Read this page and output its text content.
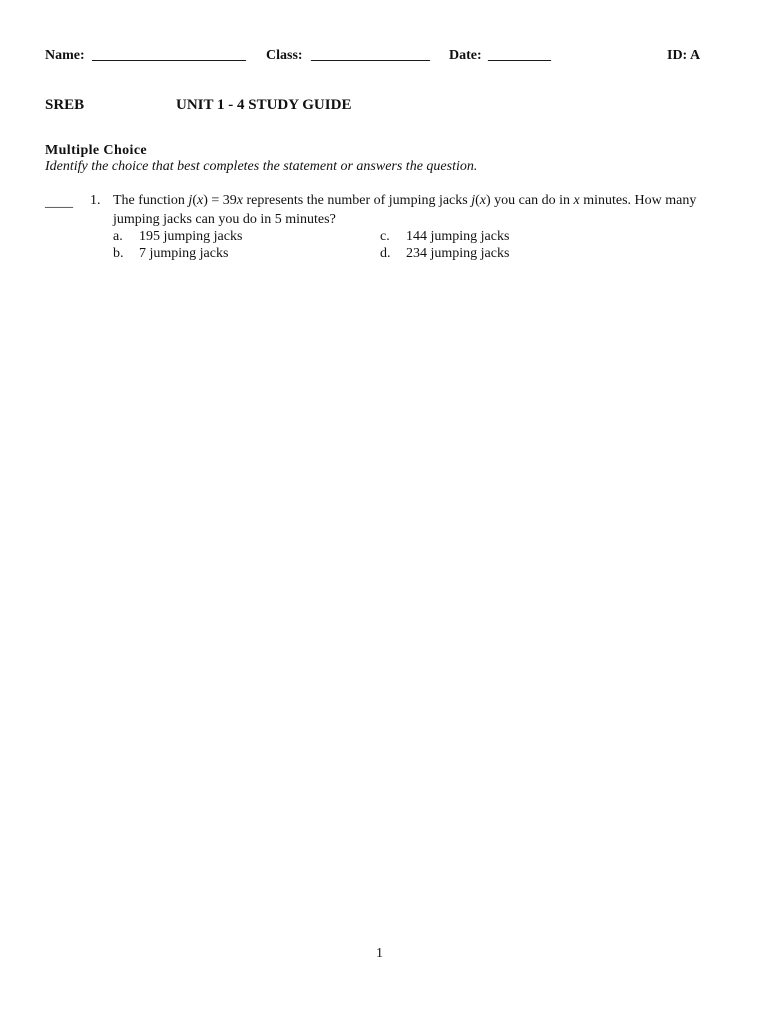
Name: ______________________ Class: _________________ Date: _________	ID: A
SREB	UNIT 1 - 4 STUDY GUIDE
Multiple Choice
Identify the choice that best completes the statement or answers the question.
____ 1. The function j(x) = 39x represents the number of jumping jacks j(x) you can do in x minutes. How many
jumping jacks can you do in 5 minutes?
a. 195 jumping jacks
b. 7 jumping jacks
c. 144 jumping jacks
d. 234 jumping jacks
1
